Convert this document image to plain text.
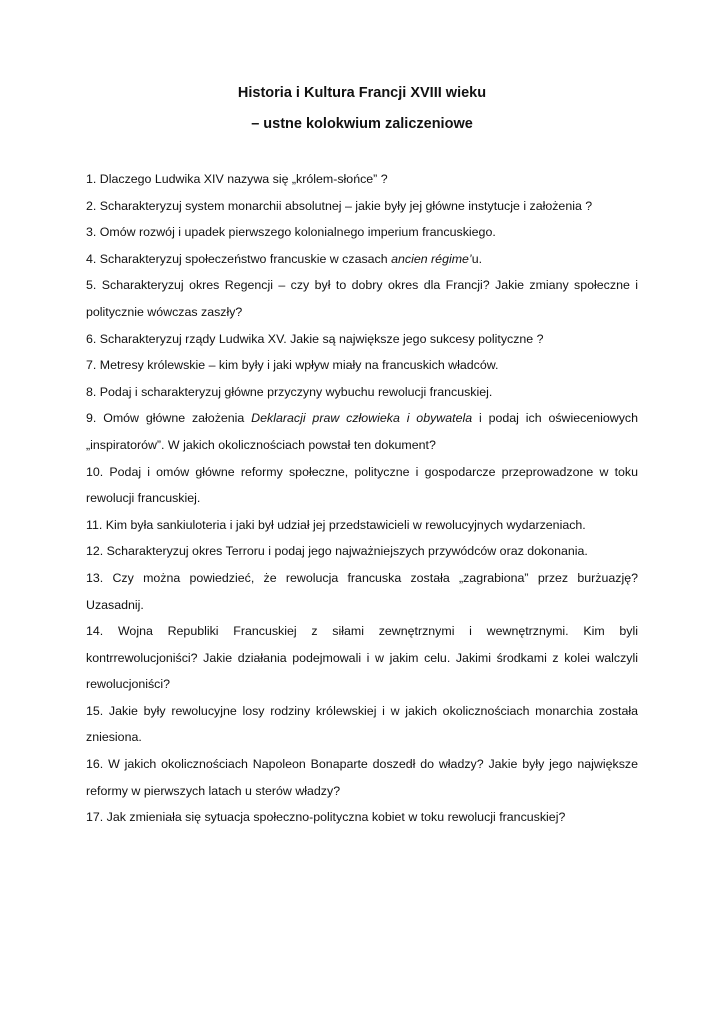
Historia i Kultura Francji XVIII wieku
– ustne kolokwium zaliczeniowe

1. Dlaczego Ludwika XIV nazywa się „królem-słońce” ?

2. Scharakteryzuj system monarchii absolutnej – jakie były jej główne instytucje i założenia ?

3. Omów rozwój i upadek pierwszego kolonialnego imperium francuskiego.

4. Scharakteryzuj społeczeństwo francuskie w czasach ancien régime’u.

5. Scharakteryzuj okres Regencji – czy był to dobry okres dla Francji? Jakie zmiany społeczne i politycznie wówczas zaszły?

6. Scharakteryzuj rządy Ludwika XV. Jakie są największe jego sukcesy polityczne ?

7. Metresy królewskie – kim były i jaki wpływ miały na francuskich władców.

8. Podaj i scharakteryzuj główne przyczyny wybuchu rewolucji francuskiej.

9. Omów główne założenia Deklaracji praw człowieka i obywatela i podaj ich oświeceniowych „inspiratorów”. W jakich okolicznościach powstał ten dokument?

10. Podaj i omów główne reformy społeczne, polityczne i gospodarcze przeprowadzone w toku rewolucji francuskiej.

11. Kim była sankiuloteria i jaki był udział jej przedstawicieli w rewolucyjnych wydarzeniach.

12. Scharakteryzuj okres Terroru i podaj jego najważniejszych przywódców oraz dokonania.

13. Czy można powiedzieć, że rewolucja francuska została „zagrabiona” przez burżuazję? Uzasadnij.

14. Wojna Republiki Francuskiej z siłami zewnętrznymi i wewnętrznymi. Kim byli kontrrewolucjoniści? Jakie działania podejmowali i w jakim celu. Jakimi środkami z kolei walczyli rewolucjoniści?

15. Jakie były rewolucyjne losy rodziny królewskiej i w jakich okolicznościach monarchia została zniesiona.

16. W jakich okolicznościach Napoleon Bonaparte doszedł do władzy? Jakie były jego największe reformy w pierwszych latach u sterów władzy?

17. Jak zmieniała się sytuacja społeczno-polityczna kobiet w toku rewolucji francuskiej?
